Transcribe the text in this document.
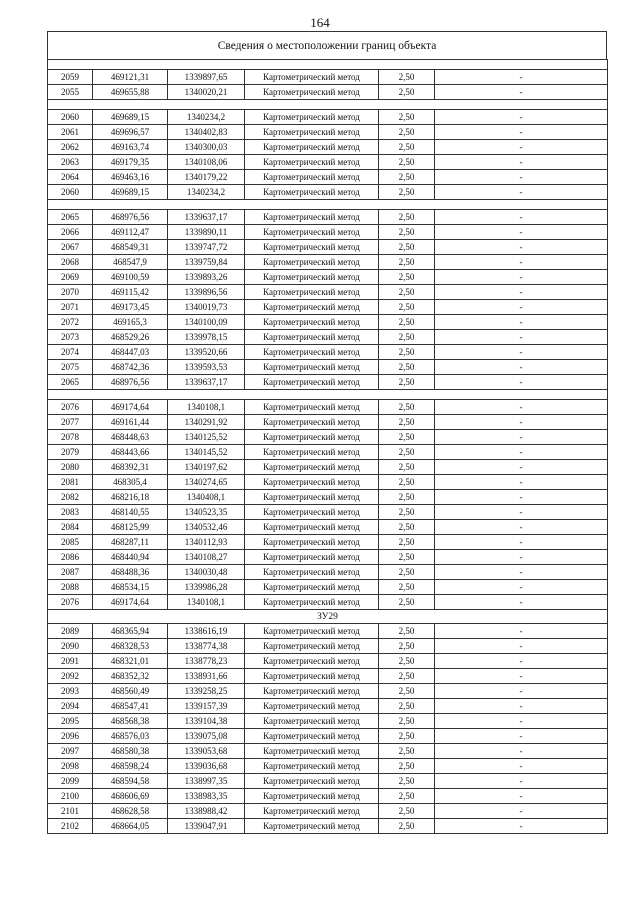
164
Сведения о местоположении границ объекта

2059	469121,31	1339897,65	Картометрический метод	2,50	-
2055	469655,88	1340020,21	Картометрический метод	2,50	-

2060	469689,15	1340234,2	Картометрический метод	2,50	-
2061	469696,57	1340402,83	Картометрический метод	2,50	-
2062	469163,74	1340300,03	Картометрический метод	2,50	-
2063	469179,35	1340108,06	Картометрический метод	2,50	-
2064	469463,16	1340179,22	Картометрический метод	2,50	-
2060	469689,15	1340234,2	Картометрический метод	2,50	-

2065	468976,56	1339637,17	Картометрический метод	2,50	-
2066	469112,47	1339890,11	Картометрический метод	2,50	-
2067	468549,31	1339747,72	Картометрический метод	2,50	-
2068	468547,9	1339759,84	Картометрический метод	2,50	-
2069	469100,59	1339893,26	Картометрический метод	2,50	-
2070	469115,42	1339896,56	Картометрический метод	2,50	-
2071	469173,45	1340019,73	Картометрический метод	2,50	-
2072	469165,3	1340100,09	Картометрический метод	2,50	-
2073	468529,26	1339978,15	Картометрический метод	2,50	-
2074	468447,03	1339520,66	Картометрический метод	2,50	-
2075	468742,36	1339593,53	Картометрический метод	2,50	-
2065	468976,56	1339637,17	Картометрический метод	2,50	-

2076	469174,64	1340108,1	Картометрический метод	2,50	-
2077	469161,44	1340291,92	Картометрический метод	2,50	-
2078	468448,63	1340125,52	Картометрический метод	2,50	-
2079	468443,66	1340145,52	Картометрический метод	2,50	-
2080	468392,31	1340197,62	Картометрический метод	2,50	-
2081	468305,4	1340274,65	Картометрический метод	2,50	-
2082	468216,18	1340408,1	Картометрический метод	2,50	-
2083	468140,55	1340523,35	Картометрический метод	2,50	-
2084	468125,99	1340532,46	Картометрический метод	2,50	-
2085	468287,11	1340112,93	Картометрический метод	2,50	-
2086	468440,94	1340108,27	Картометрический метод	2,50	-
2087	468488,36	1340030,48	Картометрический метод	2,50	-
2088	468534,15	1339986,28	Картометрический метод	2,50	-
2076	469174,64	1340108,1	Картометрический метод	2,50	-
ЗУ29					
2089	468365,94	1338616,19	Картометрический метод	2,50	-
2090	468328,53	1338774,38	Картометрический метод	2,50	-
2091	468321,01	1338778,23	Картометрический метод	2,50	-
2092	468352,32	1338931,66	Картометрический метод	2,50	-
2093	468560,49	1339258,25	Картометрический метод	2,50	-
2094	468547,41	1339157,39	Картометрический метод	2,50	-
2095	468568,38	1339104,38	Картометрический метод	2,50	-
2096	468576,03	1339075,08	Картометрический метод	2,50	-
2097	468580,38	1339053,68	Картометрический метод	2,50	-
2098	468598,24	1339036,68	Картометрический метод	2,50	-
2099	468594,58	1338997,35	Картометрический метод	2,50	-
2100	468606,69	1338983,35	Картометрический метод	2,50	-
2101	468628,58	1338988,42	Картометрический метод	2,50	-
2102	468664,05	1339047,91	Картометрический метод	2,50	-
